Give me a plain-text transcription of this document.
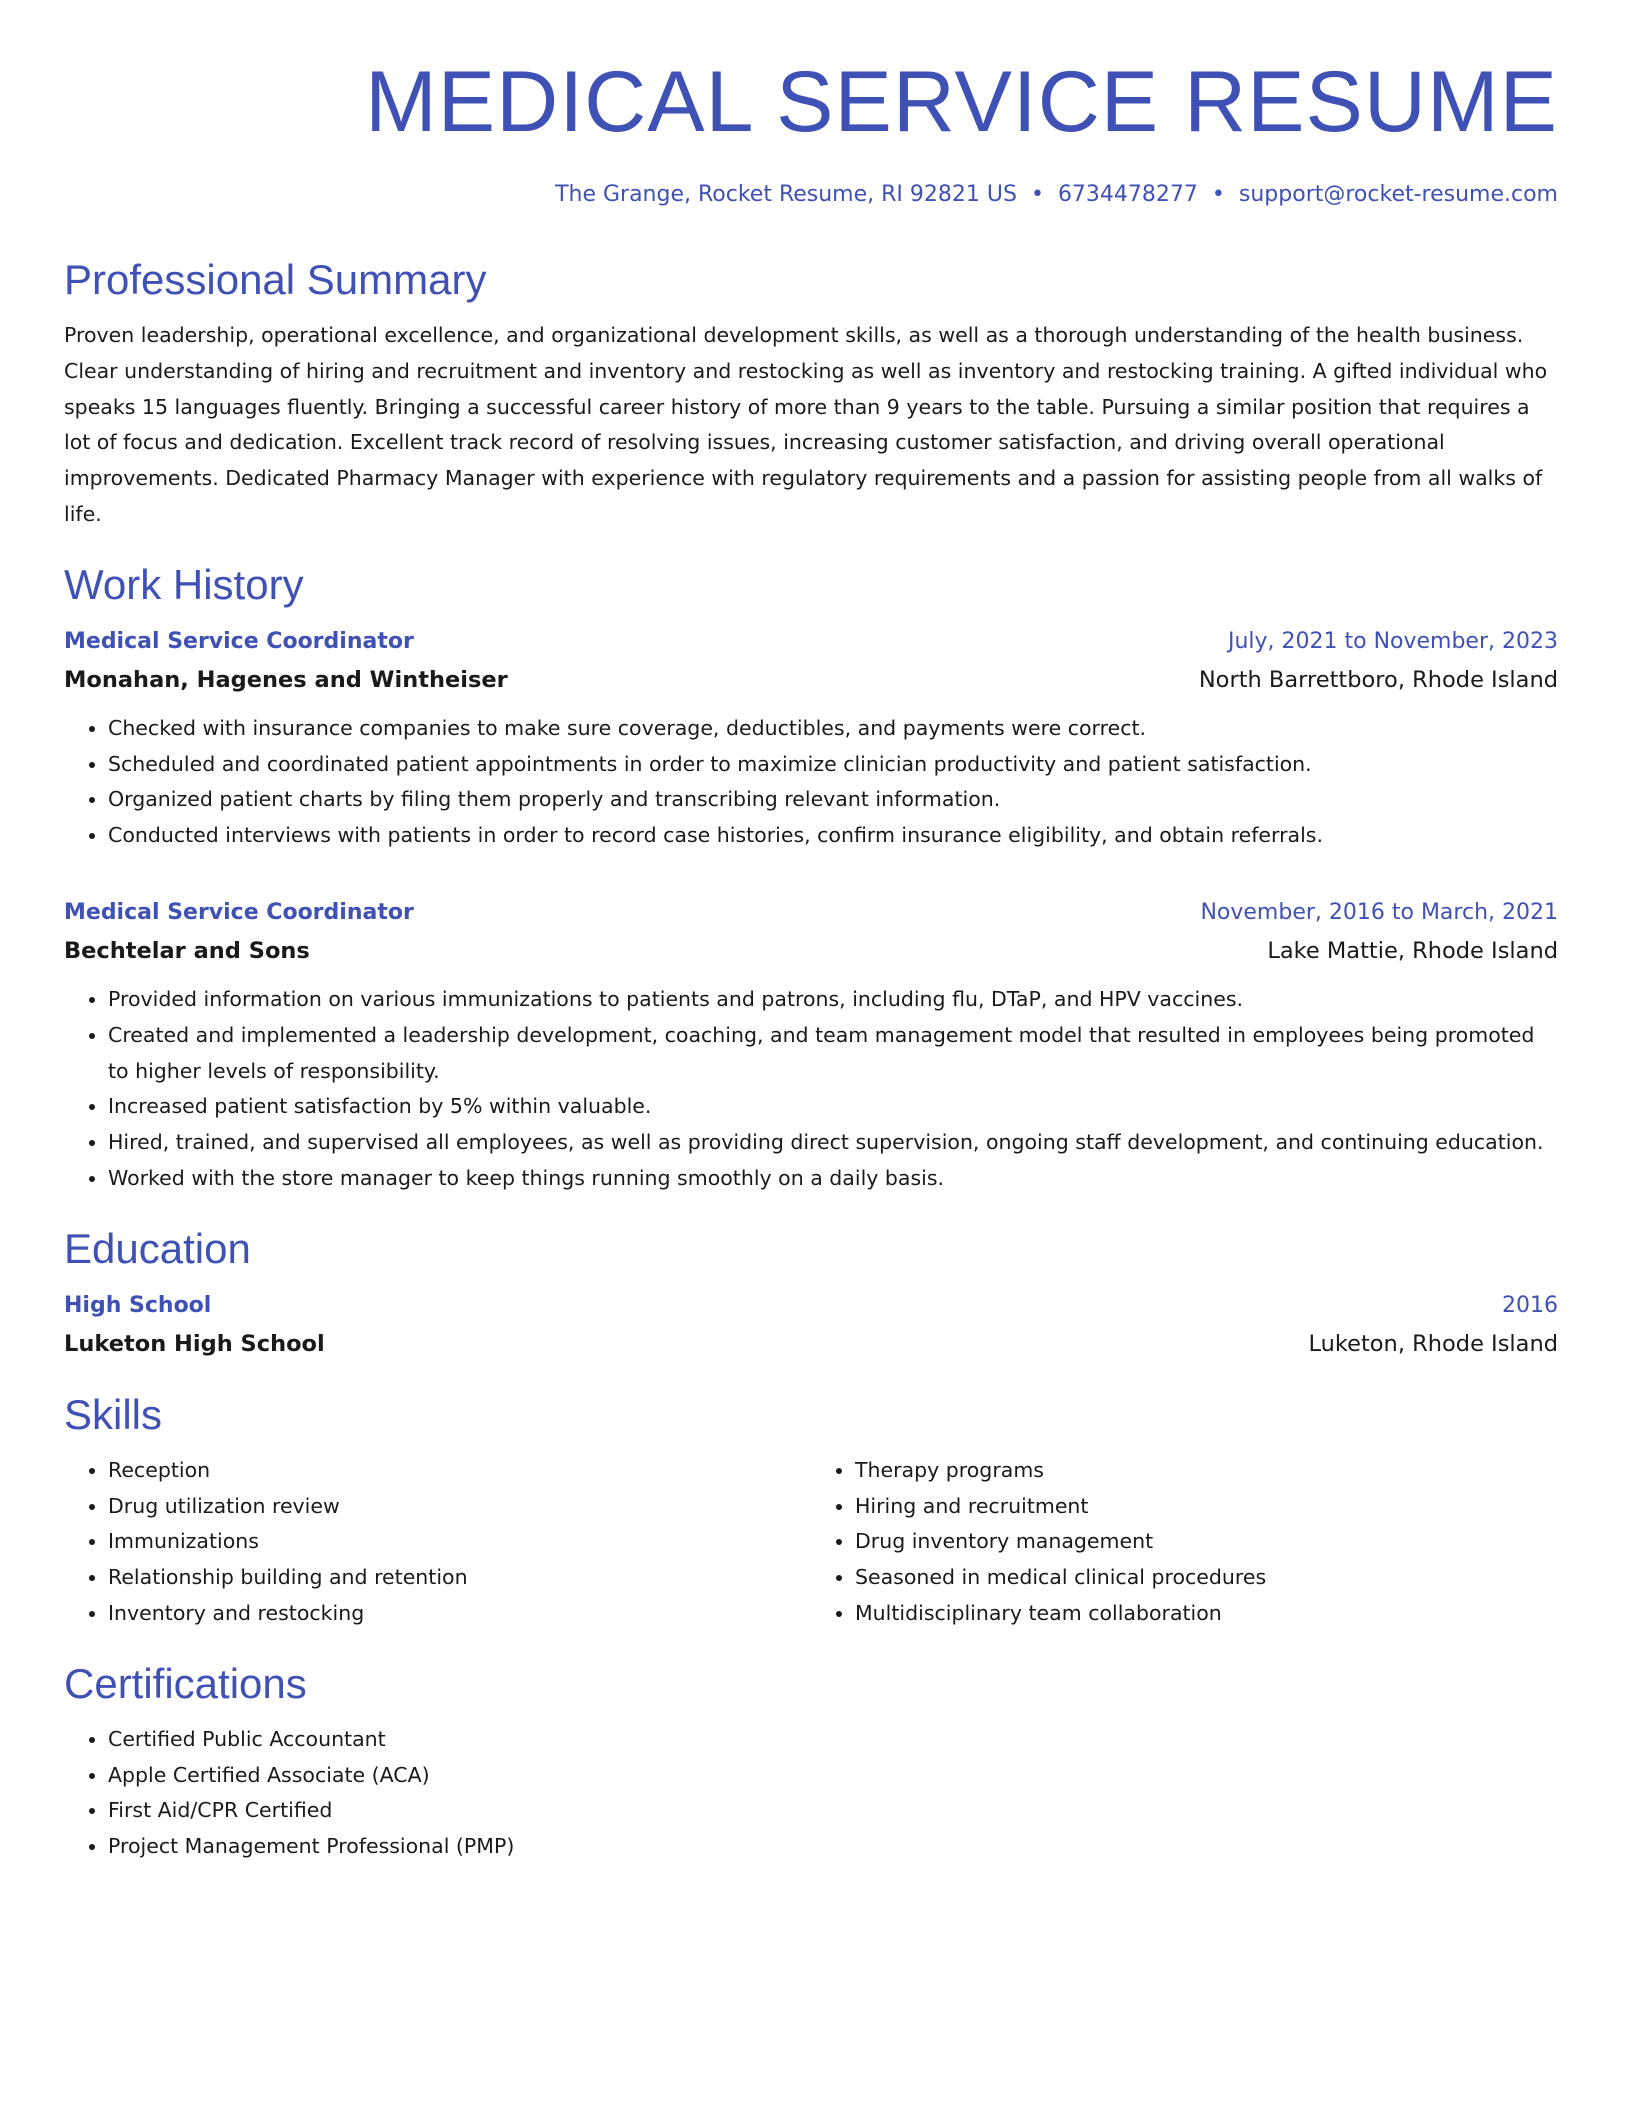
MEDICAL SERVICE RESUME
The Grange, Rocket Resume, RI 92821 US • 6734478277 • support@rocket-resume.com
Professional Summary

Proven leadership, operational excellence, and organizational development skills, as well as a thorough understanding of the health business. Clear understanding of hiring and recruitment and inventory and restocking as well as inventory and restocking training. A gifted individual who speaks 15 languages fluently. Bringing a successful career history of more than 9 years to the table. Pursuing a similar position that requires a lot of focus and dedication. Excellent track record of resolving issues, increasing customer satisfaction, and driving overall operational improvements. Dedicated Pharmacy Manager with experience with regulatory requirements and a passion for assisting people from all walks of life.

Work History
Medical Service Coordinator	July, 2021 to November, 2023
Monahan, Hagenes and Wintheiser	North Barrettboro, Rhode Island
• Checked with insurance companies to make sure coverage, deductibles, and payments were correct.
• Scheduled and coordinated patient appointments in order to maximize clinician productivity and patient satisfaction.
• Organized patient charts by filing them properly and transcribing relevant information.
• Conducted interviews with patients in order to record case histories, confirm insurance eligibility, and obtain referrals.
Medical Service Coordinator	November, 2016 to March, 2021
Bechtelar and Sons	Lake Mattie, Rhode Island
• Provided information on various immunizations to patients and patrons, including flu, DTaP, and HPV vaccines.
• Created and implemented a leadership development, coaching, and team management model that resulted in employees being promoted to higher levels of responsibility.
• Increased patient satisfaction by 5% within valuable.
• Hired, trained, and supervised all employees, as well as providing direct supervision, ongoing staff development, and continuing education.
• Worked with the store manager to keep things running smoothly on a daily basis.
Education
High School	2016
Luketon High School	Luketon, Rhode Island
Skills
• Reception
• Drug utilization review
• Immunizations
• Relationship building and retention
• Inventory and restocking
• Therapy programs
• Hiring and recruitment
• Drug inventory management
• Seasoned in medical clinical procedures
• Multidisciplinary team collaboration
Certifications
• Certified Public Accountant
• Apple Certified Associate (ACA)
• First Aid/CPR Certified
• Project Management Professional (PMP)
